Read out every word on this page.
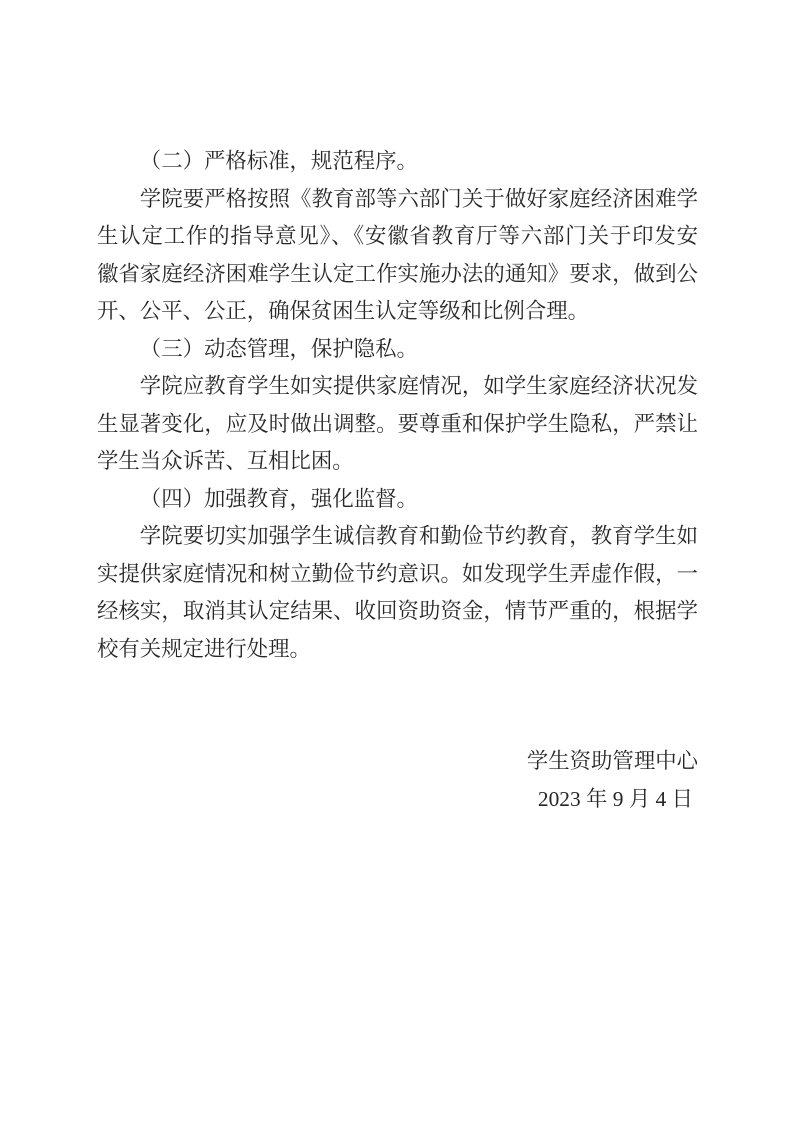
（二）严格标准，规范程序。
学院要严格按照《教育部等六部门关于做好家庭经济困难学
生认定工作的指导意见》、《安徽省教育厅等六部门关于印发安
徽省家庭经济困难学生认定工作实施办法的通知》要求，做到公
开、公平、公正，确保贫困生认定等级和比例合理。
（三）动态管理，保护隐私。
学院应教育学生如实提供家庭情况，如学生家庭经济状况发
生显著变化，应及时做出调整。要尊重和保护学生隐私，严禁让
学生当众诉苦、互相比困。
（四）加强教育，强化监督。
学院要切实加强学生诚信教育和勤俭节约教育，教育学生如
实提供家庭情况和树立勤俭节约意识。如发现学生弄虚作假，一
经核实，取消其认定结果、收回资助资金，情节严重的，根据学
校有关规定进行处理。
学生资助管理中心
2023 年 9 月 4 日
